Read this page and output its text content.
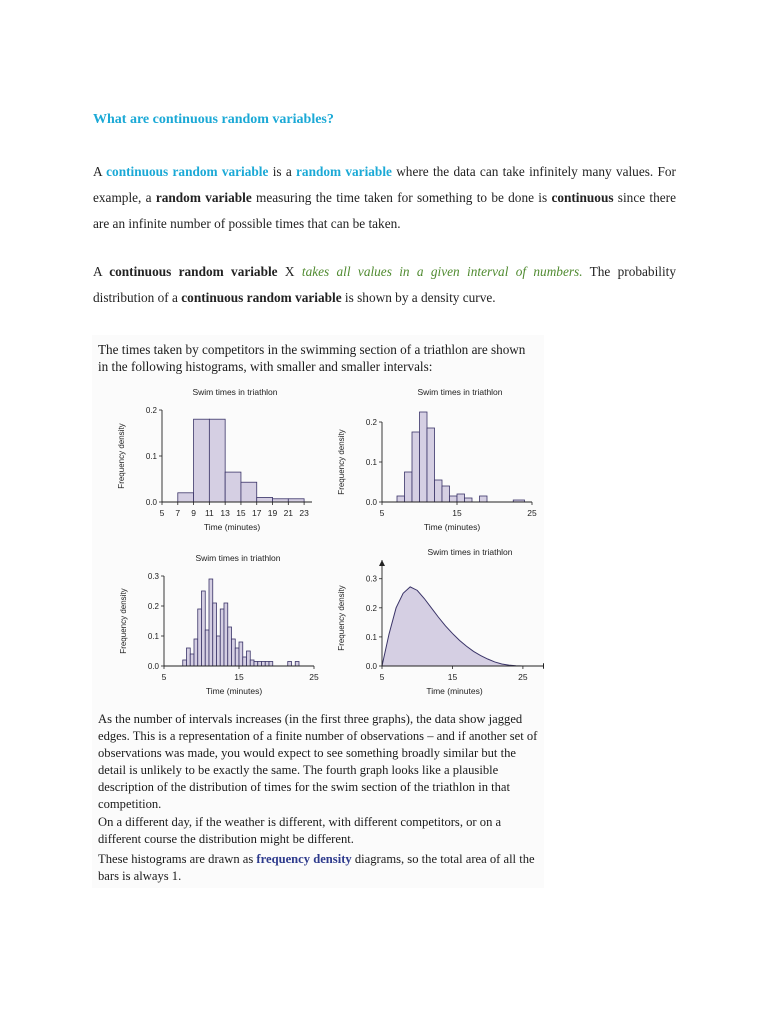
What are continuous random variables?
A continuous random variable is a random variable where the data can take infinitely many values. For example, a random variable measuring the time taken for something to be done is continuous since there are an infinite number of possible times that can be taken.
A continuous random variable X takes all values in a given interval of numbers. The probability distribution of a continuous random variable is shown by a density curve.
The times taken by competitors in the swimming section of a triathlon are shown in the following histograms, with smaller and smaller intervals:
Swim times in triathlon
Time (minutes)
Frequency density
0.0
0.1
0.2
5 7 9 11 13 15 17 19 21 23
Swim times in triathlon
Time (minutes)
Frequency density
0.0
0.1
0.2
5	15	25
Swim times in triathlon
Time (minutes)
Frequency density
0.0
0.1
0.2
0.3
5	15	25
Swim times in triathlon
Time (minutes)
Frequency density
0.0
0.1
0.2
0.3
5	15	25
As the number of intervals increases (in the first three graphs), the data show jagged edges. This is a representation of a finite number of observations – and if another set of observations was made, you would expect to see something broadly similar but the detail is unlikely to be exactly the same. The fourth graph looks like a plausible description of the distribution of times for the swim section of the triathlon in that competition.
On a different day, if the weather is different, with different competitors, or on a different course the distribution might be different.
These histograms are drawn as frequency density diagrams, so the total area of all the bars is always 1.
